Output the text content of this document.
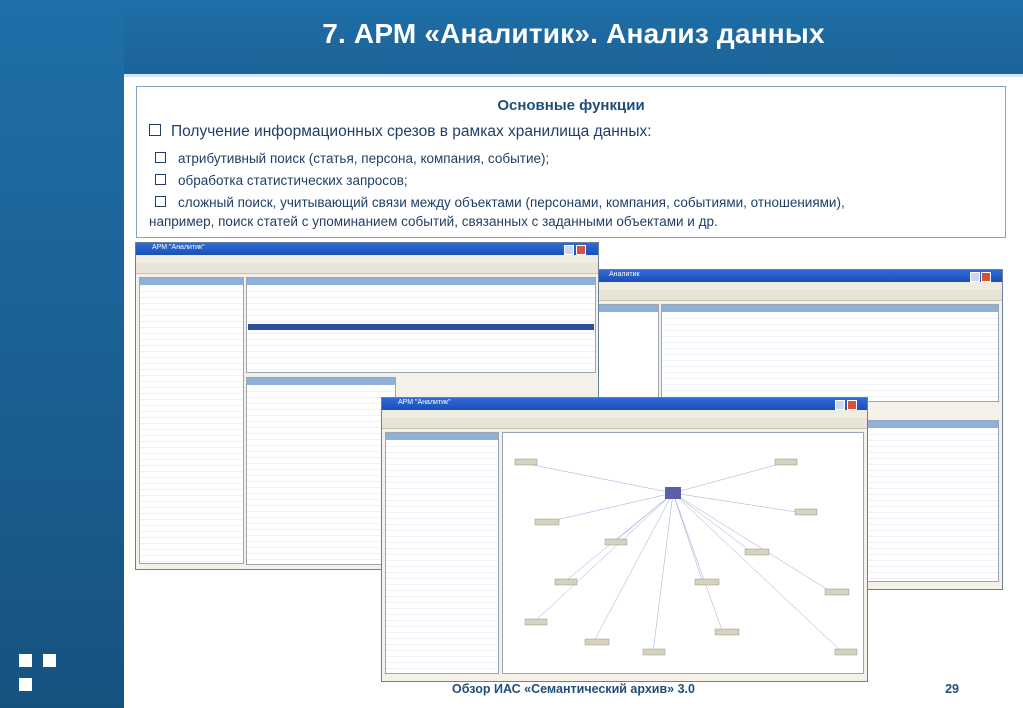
7. АРМ «Аналитик». Анализ данных
Основные функции
Получение информационных срезов в рамках хранилища данных:
атрибутивный поиск (статья, персона, компания, событие);
обработка статистических запросов;
сложный поиск, учитывающий связи между объектами (персонами, компания, событиями, отношениями),
например, поиск статей с упоминанием событий, связанных с заданными объектами и др.
Аналитик
АРМ "Аналитик"
АРМ "Аналитик"
Обзор ИАС «Семантический архив» 3.0	29
